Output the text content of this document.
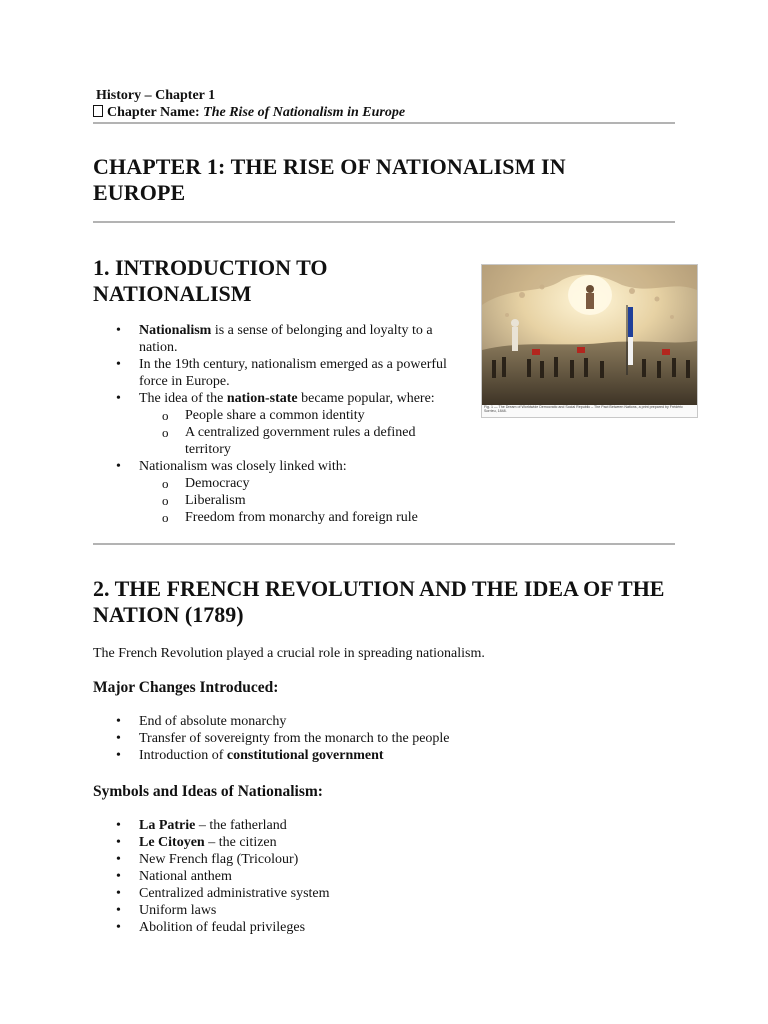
History – Chapter 1
Chapter Name: The Rise of Nationalism in Europe
CHAPTER 1: THE RISE OF NATIONALISM IN EUROPE
1. INTRODUCTION TO NATIONALISM
Fig. 1 — The Dream of Worldwide Democratic and Social Republic – The Pact Between Nations, a print prepared by Frédéric Sorrieu, 1848.
• Nationalism is a sense of belonging and loyalty to a nation.
• In the 19th century, nationalism emerged as a powerful force in Europe.
• The idea of the nation-state became popular, where:
o People share a common identity
o A centralized government rules a defined territory
• Nationalism was closely linked with:
o Democracy
o Liberalism
o Freedom from monarchy and foreign rule
2. THE FRENCH REVOLUTION AND THE IDEA OF THE NATION (1789)

The French Revolution played a crucial role in spreading nationalism.

Major Changes Introduced:
• End of absolute monarchy
• Transfer of sovereignty from the monarch to the people
• Introduction of constitutional government
Symbols and Ideas of Nationalism:
• La Patrie – the fatherland
• Le Citoyen – the citizen
• New French flag (Tricolour)
• National anthem
• Centralized administrative system
• Uniform laws
• Abolition of feudal privileges
